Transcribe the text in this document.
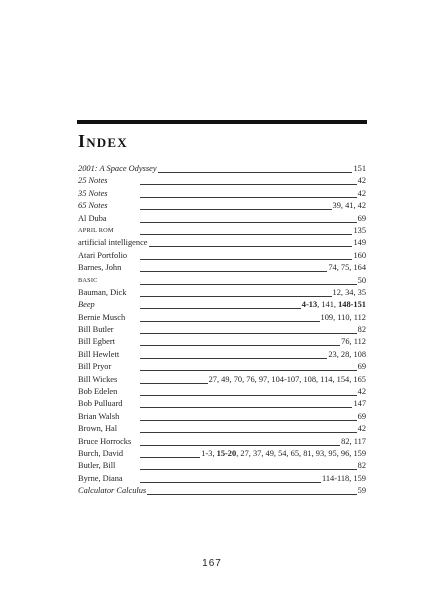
Index
2001: A Space Odyssey	151
25 Notes	42
35 Notes	42
65 Notes	39, 41, 42
Al Duba	69
APRIL ROM	135
artificial intelligence	149
Atari Portfolio	160
Barnes, John	74, 75, 164
BASIC	50
Bauman, Dick	12, 34, 35
Beep	4-13, 141, 148-151
Bernie Musch	109, 110, 112
Bill Butler	82
Bill Egbert	76, 112
Bill Hewlett	23, 28, 108
Bill Pryor	69
Bill Wickes	27, 49, 70, 76, 97, 104-107, 108, 114, 154, 165
Bob Edelen	42
Bob Pulluard	147
Brian Walsh	69
Brown, Hal	42
Bruce Horrocks	82, 117
Burch, David	1-3, 15-20, 27, 37, 49, 54, 65, 81, 93, 95, 96, 159
Butler, Bill	82
Byrne, Diana	114-118, 159
Calculator Calculus	59
167
